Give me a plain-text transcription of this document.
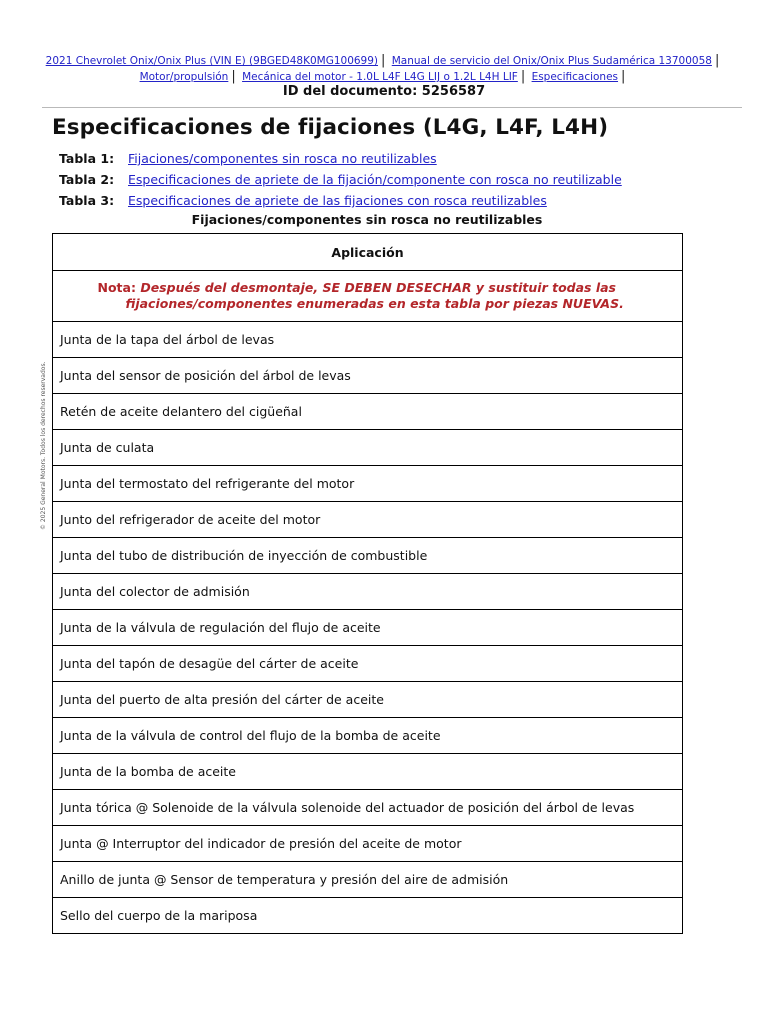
2021 Chevrolet Onix/Onix Plus (VIN E) (9BGED48K0MG100699) | Manual de servicio del Onix/Onix Plus Sudamérica 13700058 |
Motor/propulsión | Mecánica del motor - 1.0L L4F L4G LIJ o 1.2L L4H LIF | Especificaciones |
ID del documento: 5256587
Especificaciones de fijaciones (L4G, L4F, L4H)
Tabla 1: Fijaciones/componentes sin rosca no reutilizables
Tabla 2: Especificaciones de apriete de la fijación/componente con rosca no reutilizable
Tabla 3: Especificaciones de apriete de las fijaciones con rosca reutilizables
Fijaciones/componentes sin rosca no reutilizables
© 2025 General Motors. Todos los derechos reservados.
Aplicación
Nota: Después del desmontaje, SE DEBEN DESECHAR y sustituir todas las
fijaciones/componentes enumeradas en esta tabla por piezas NUEVAS.

Junta de la tapa del árbol de levas
Junta del sensor de posición del árbol de levas
Retén de aceite delantero del cigüeñal
Junta de culata
Junta del termostato del refrigerante del motor
Junto del refrigerador de aceite del motor
Junta del tubo de distribución de inyección de combustible
Junta del colector de admisión
Junta de la válvula de regulación del flujo de aceite
Junta del tapón de desagüe del cárter de aceite
Junta del puerto de alta presión del cárter de aceite
Junta de la válvula de control del flujo de la bomba de aceite
Junta de la bomba de aceite
Junta tórica @ Solenoide de la válvula solenoide del actuador de posición del árbol de levas
Junta @ Interruptor del indicador de presión del aceite de motor
Anillo de junta @ Sensor de temperatura y presión del aire de admisión
Sello del cuerpo de la mariposa
